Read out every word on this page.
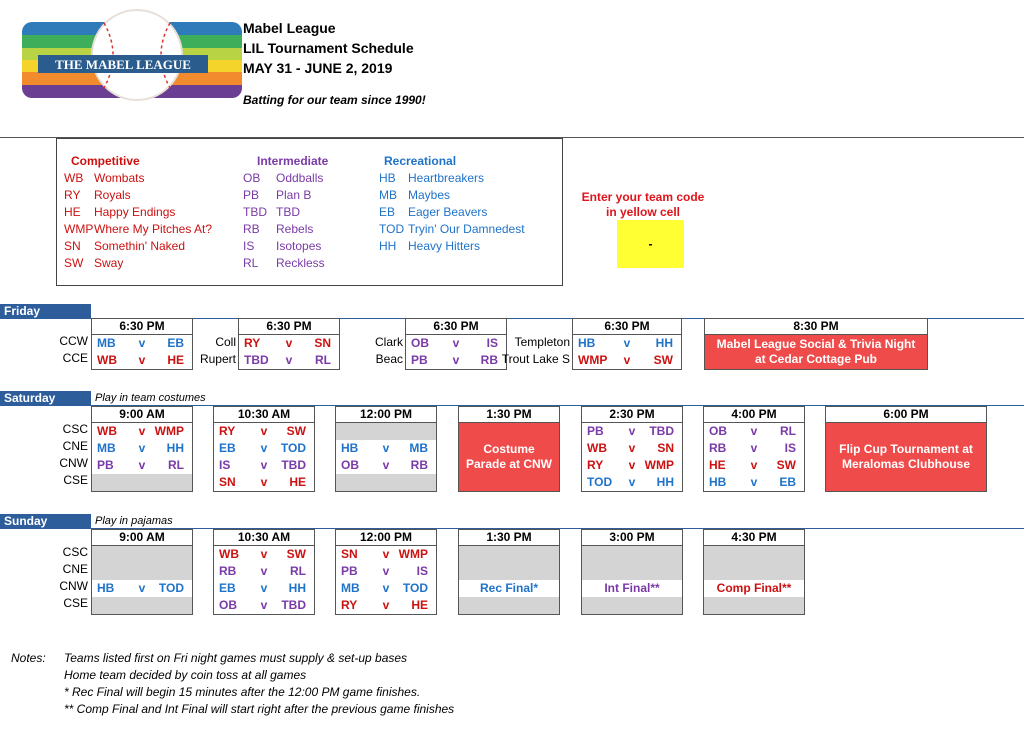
THE MABEL LEAGUE
Mabel League
LIL Tournament Schedule
MAY 31 - JUNE 2, 2019
Batting for our team since 1990!
Competitive	Intermediate	Recreational
WB Wombats
RY	Royals
HE	Happy Endings
WMP Where My Pitches At?
SN	Somethin' Naked
SW Sway
OB Oddballs
PB Plan B
TBD TBD
RB Rebels
IS Isotopes
RL Reckless
HB Heartbreakers
MB Maybes
EB Eager Beavers
TOD Tryin' Our Damnedest
HH Heavy Hitters
Enter your team code in yellow cell
-
Friday
Saturday	Play in team costumes
Sunday	Play in pajamas
CCW
CCE
6:30 PM
MB	v	EB
WB	v	HE
6:30 PM
RY	v	SN
TBD	v	RL
Coll
Rupert
6:30 PM
OB	v	IS
PB	v	RB
Clark
Beac
6:30 PM
HB	v	HH
WMP	v	SW
Templeton
Trout Lake S
8:30 PM
Mabel League Social & Trivia Night at Cedar Cottage Pub
CSC
CNE
CNW
CSE
9:00 AM
WB	v WMP
MB	v	HH
PB	v	RL
10:30 AM
RY	v	SW
EB	v	TOD
IS	v	TBD
SN	v	HE
12:00 PM
HB	v	MB
OB	v	RB
1:30 PM
Costume Parade at CNW
2:30 PM
PB	v	TBD
WB	v	SN
RY	v WMP
TOD	v	HH
4:00 PM
OB	v	RL
RB	v	IS
HE	v	SW
HB	v	EB
6:00 PM
Flip Cup Tournament at Meralomas Clubhouse
CSC
CNE
CNW
CSE
9:00 AM
HB	v	TOD
10:30 AM
WB	v	SW
RB	v	RL
EB	v	HH
OB	v	TBD
12:00 PM
SN	v WMP
PB	v	IS
MB	v	TOD
RY	v	HE
1:30 PM
Rec Final*
3:00 PM
Int Final**
4:30 PM
Comp Final**
Notes: Teams listed first on Fri night games must supply & set-up bases
Home team decided by coin toss at all games
* Rec Final will begin 15 minutes after the 12:00 PM game finishes.
** Comp Final and Int Final will start right after the previous game finishes
